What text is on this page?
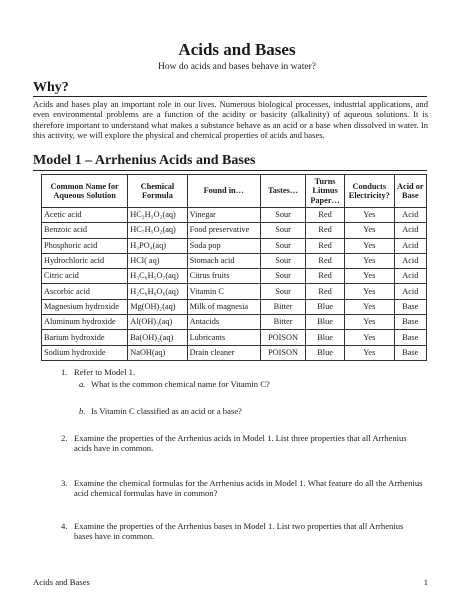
Acids and Bases
How do acids and bases behave in water?
Why?
Acids and bases play an important role in our lives. Numerous biological processes, industrial applications, and even environmental problems are a function of the acidity or basicity (alkalinity) of aqueous solutions. It is therefore important to understand what makes a substance behave as an acid or a base when dissolved in water. In this activity, we will explore the physical and chemical properties of acids and bases.
Model 1 – Arrhenius Acids and Bases
Common Name for Aqueous Solution	Chemical Formula	Found in…	Tastes…	Turns Litmus Paper…	Conducts Electricity?	Acid or Base
Acetic acid	HC₂H₃O₂(aq)	Vinegar	Sour	Red	Yes	Acid
Benzoic acid	HC₇H₅O₂(aq)	Food preservative	Sour	Red	Yes	Acid
Phosphoric acid	H₃PO₄(aq)	Soda pop	Sour	Red	Yes	Acid
Hydrochloric acid	HCl( aq)	Stomach acid	Sour	Red	Yes	Acid
Citric acid	H₃C₆H₅O₇(aq)	Citrus fruits	Sour	Red	Yes	Acid
Ascorbic acid	H₂C₆H₆O₆(aq)	Vitamin C	Sour	Red	Yes	Acid
Magnesium hydroxide	Mg(OH)₂(aq)	Milk of magnesia	Bitter	Blue	Yes	Base
Aluminum hydroxide	Al(OH)₃(aq)	Antacids	Bitter	Blue	Yes	Base
Barium hydroxide	Ba(OH)₂(aq)	Lubricants	POISON	Blue	Yes	Base
Sodium hydroxide	NaOH(aq)	Drain cleaner	POISON	Blue	Yes	Base
1. Refer to Model 1.
a. What is the common chemical name for Vitamin C?
b. Is Vitamin C classified as an acid or a base?
2. Examine the properties of the Arrhenius acids in Model 1. List three properties that all Arrhenius acids have in common.
3. Examine the chemical formulas for the Arrhenius acids in Model 1. What feature do all the Arrhenius acid chemical formulas have in common?
4. Examine the properties of the Arrhenius bases in Model 1. List two properties that all Arrhenius bases have in common.
Acids and Bases	1
